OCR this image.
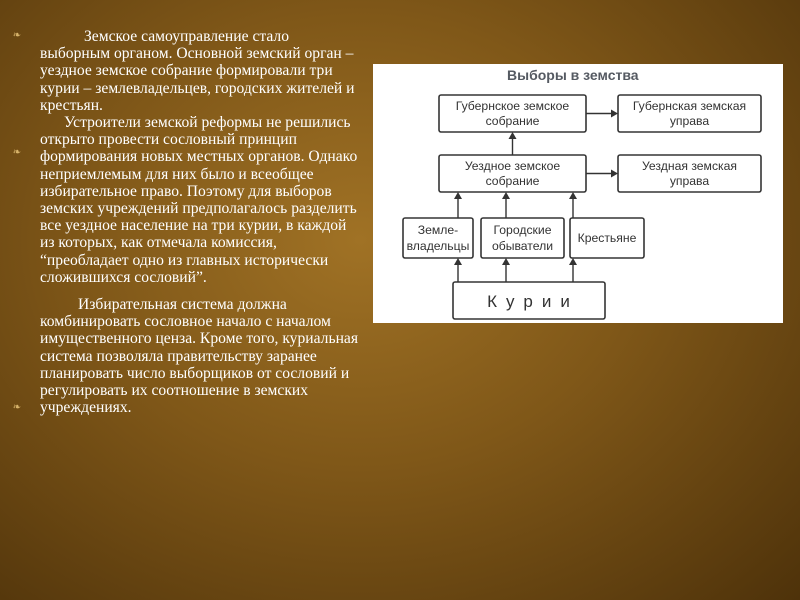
❧
❧
❧

Земское самоуправление стало выборным органом. Основной земский орган – уездное земское собрание формировали три курии – землевладельцев, городских жителей и крестьян.

Устроители земской реформы не решились открыто провести сословный принцип формирования новых местных органов. Однако неприемлемым для них было и всеобщее избирательное право. Поэтому для выборов земских учреждений предполагалось разделить все уездное население на три курии, в каждой из которых, как отмечала комиссия, “преобладает одно из главных исторически сложившихся сословий”.

Избирательная система должна комбинировать сословное начало с началом имущественного ценза. Кроме того, куриальная система позволяла правительству заранее планировать число выборщиков от сословий и регулировать их соотношение в земских учреждениях.

Выборы в земства
Губернское земское
собрание
Губернская земская
управа
Уездное земское
собрание
Уездная земская
управа
Земле-
владельцы
Городские
обыватели
Крестьяне
Курии
